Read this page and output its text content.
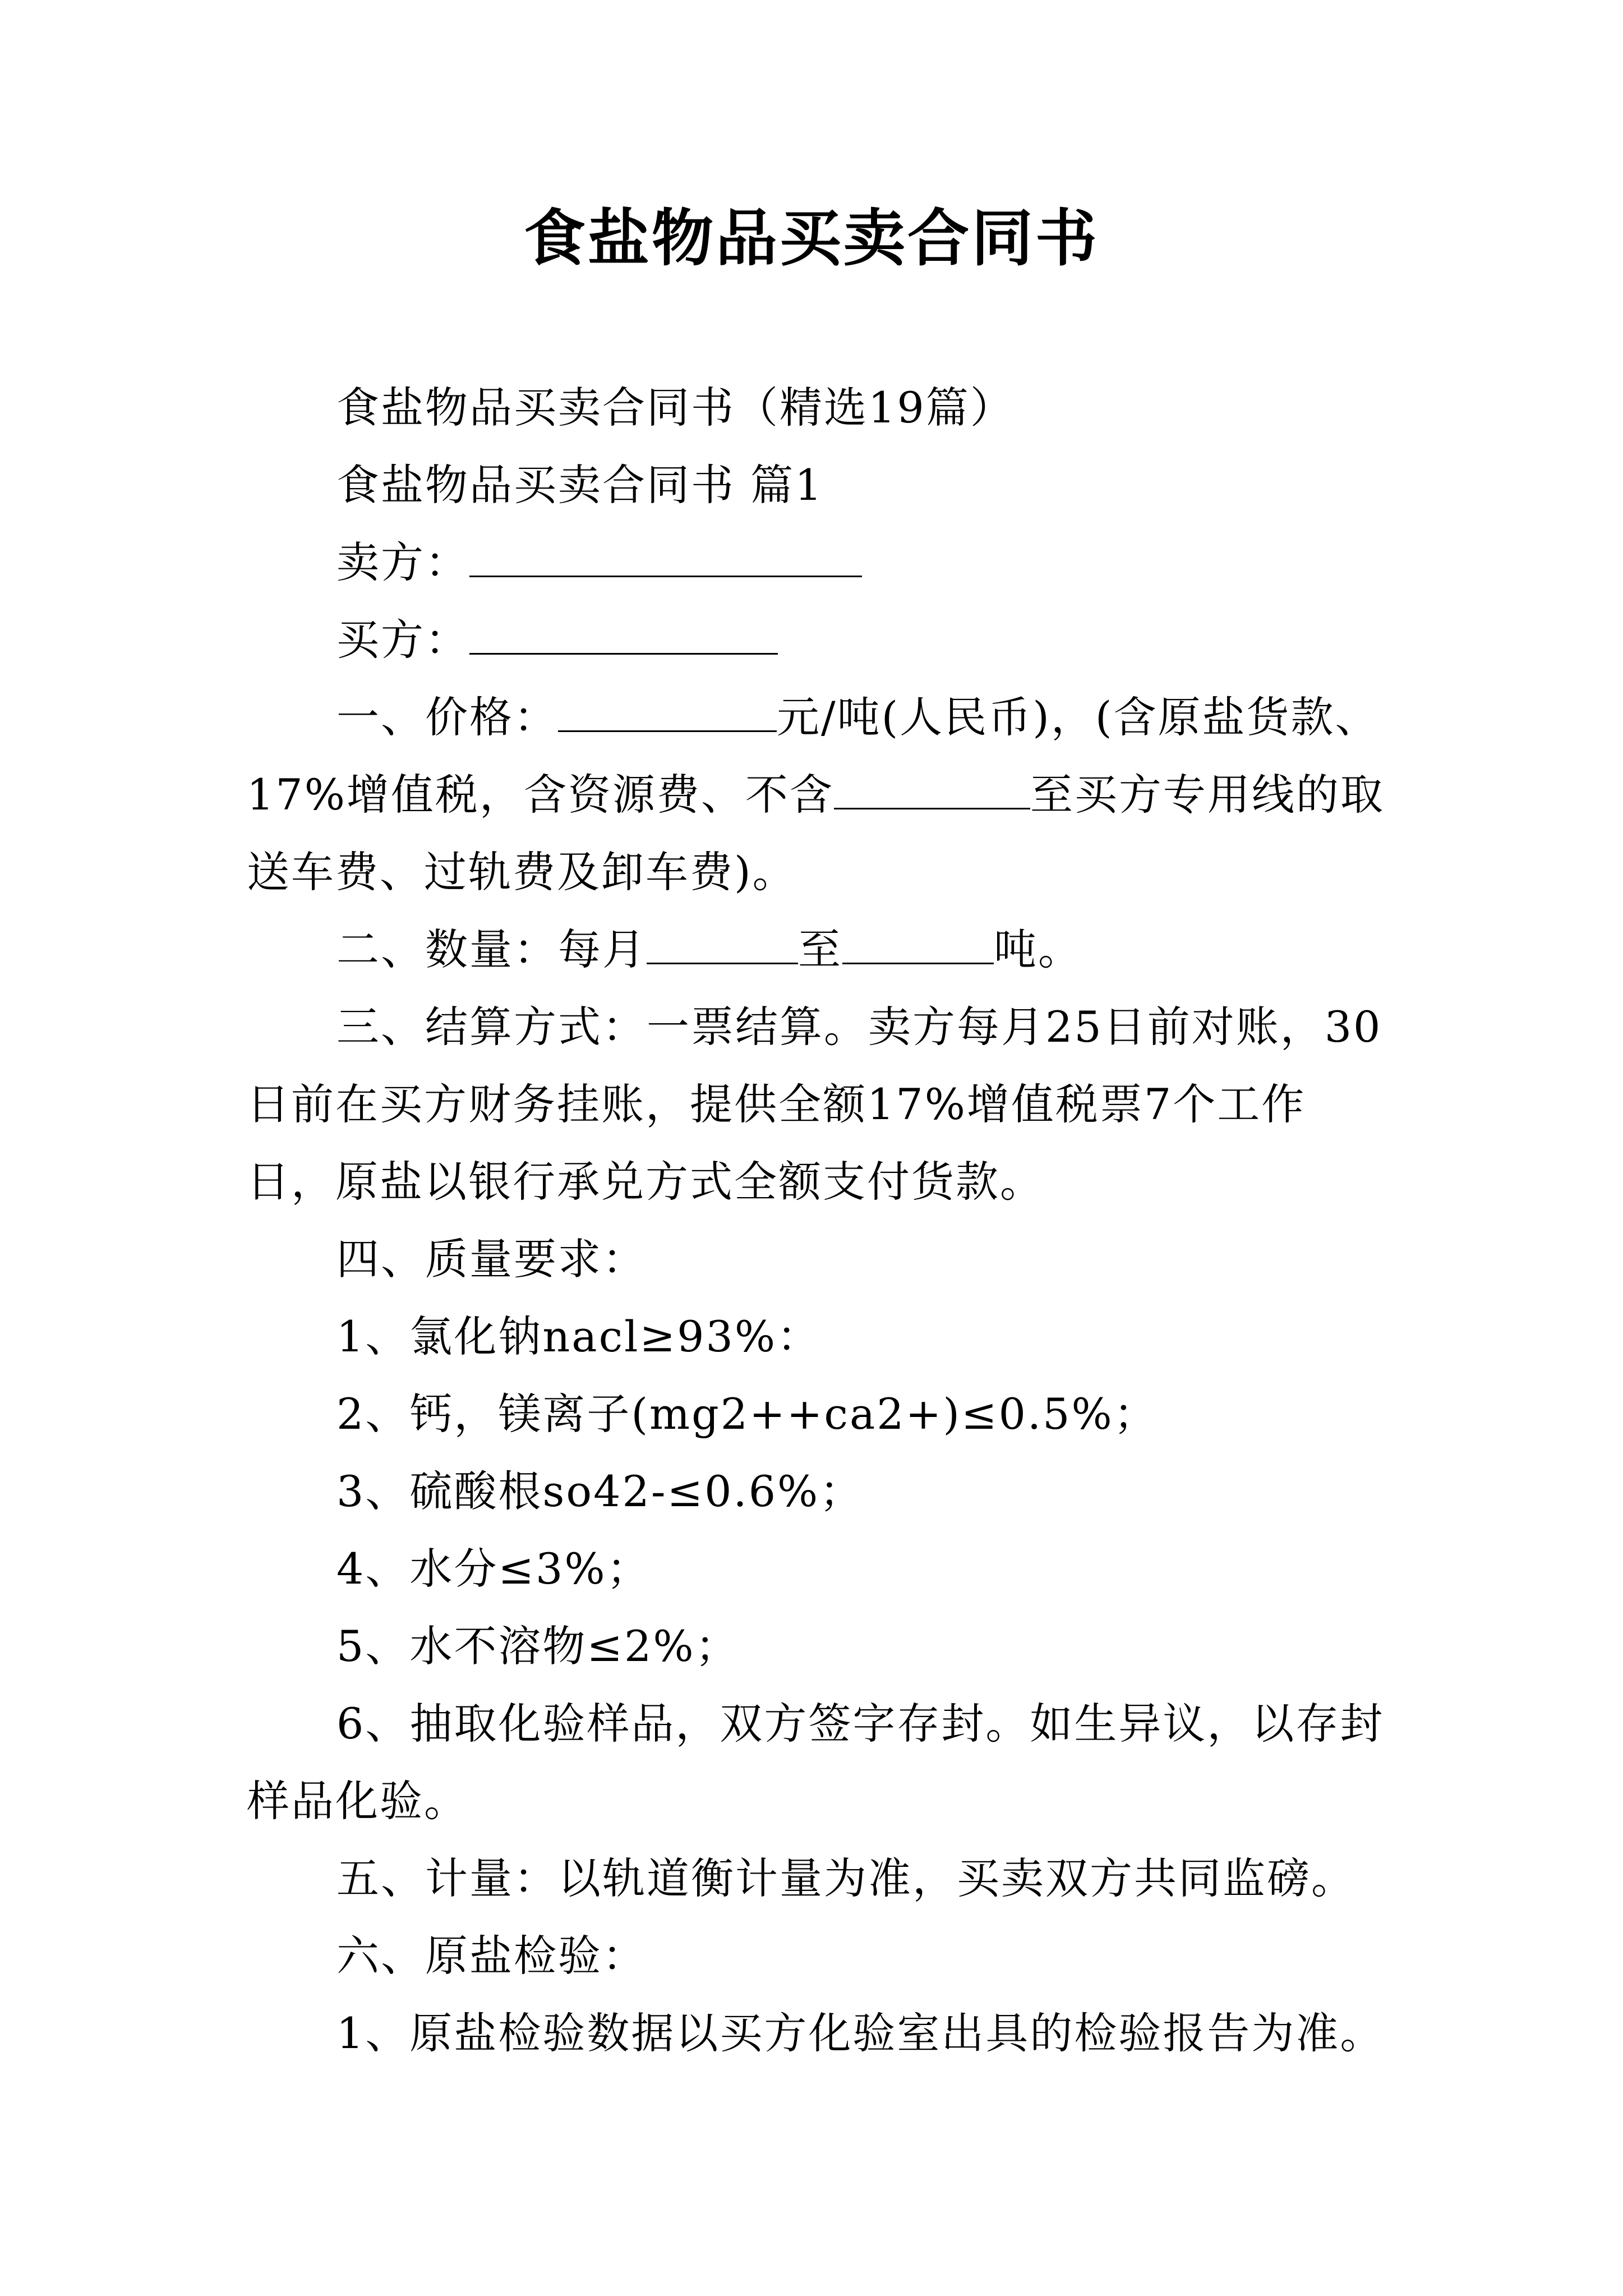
食盐物品买卖合同书

食盐物品买卖合同书（精选19篇）

食盐物品买卖合同书 篇1

卖方：

买方：

一、价格：	元/吨(人民币)，(含原盐货款、17%增值税，含资源费、不含	至买方专用线的取送车费、过轨费及卸车费)。

二、数量：每月	至	吨。

三、结算方式：一票结算。卖方每月25日前对账，30日前在买方财务挂账，提供全额17%增值税票7个工作日，原盐以银行承兑方式全额支付货款。

四、质量要求：

1、氯化钠nacl≥93%：

2、钙，镁离子(mg2++ca2+)≤0.5%；

3、硫酸根so42-≤0.6%；

4、水分≤3%；

5、水不溶物≤2%；

6、抽取化验样品，双方签字存封。如生异议，以存封样品化验。

五、计量：以轨道衡计量为准，买卖双方共同监磅。

六、原盐检验：

1、原盐检验数据以买方化验室出具的检验报告为准。
